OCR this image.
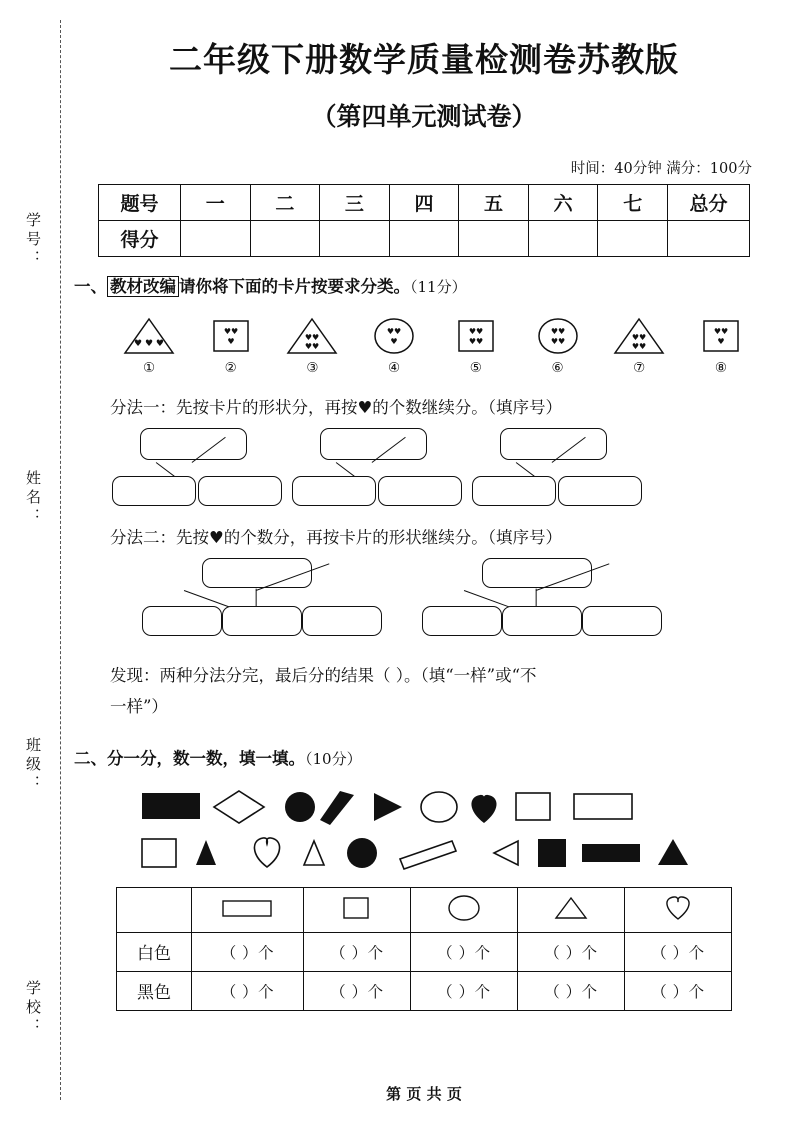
学号：
姓名：
班级：
学校：
二年级下册数学质量检测卷苏教版
（第四单元测试卷）
时间：40分钟 满分：100分
题号	一	二	三	四	五	六	七	总分
得分								
一、 教材改编 请你将下面的卡片按要求分类。（11分）
♥ ♥ ♥
①
♥♥
♥
②
♥♥
♥♥
③
♥♥
♥
④
♥♥
♥♥
⑤
♥♥
♥♥
⑥
♥♥
♥♥
⑦
♥♥
♥
⑧
分法一：先按卡片的形状分，再按♥的个数继续分。（填序号）
分法二：先按♥的个数分，再按卡片的形状继续分。（填序号）
发现：两种分法分完，最后分的结果（ ）。（填“一样”或“不
一样”）
二、分一分，数一数，填一填。（10分）

白色	（ ）个	（ ）个	（ ）个	（ ）个	（ ）个
黑色	（ ）个	（ ）个	（ ）个	（ ）个	（ ）个
第 页 共 页
